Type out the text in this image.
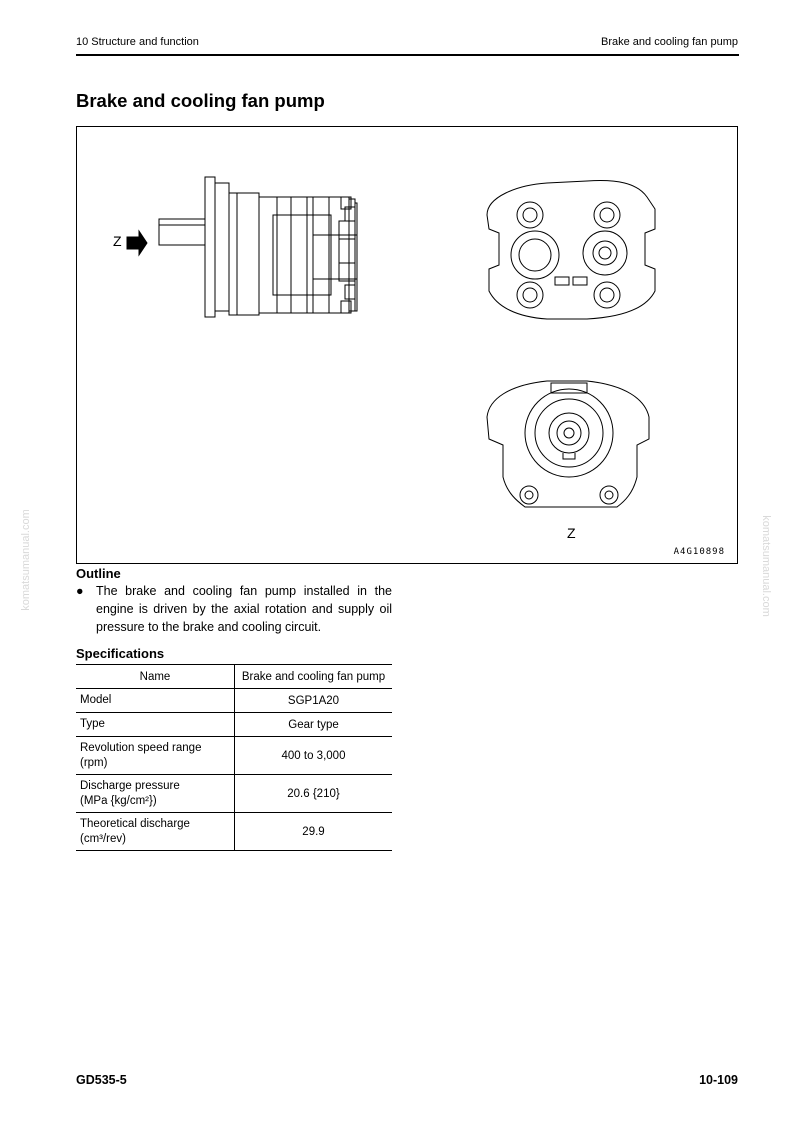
10 Structure and function	Brake and cooling fan pump
Brake and cooling fan pump
Z
Z
A4G10898
Outline
● The brake and cooling fan pump installed in the engine is driven by the axial rotation and supply oil pressure to the brake and cooling circuit.
Specifications
Name	Brake and cooling fan pump
Model	SGP1A20
Type	Gear type
Revolution speed range
(rpm)	400 to 3,000
Discharge pressure
(MPa {kg/cm²})	20.6 {210}
Theoretical discharge
(cm³/rev)	29.9
komatsumanual.com	komatsumanual.com
GD535-5	10-109
